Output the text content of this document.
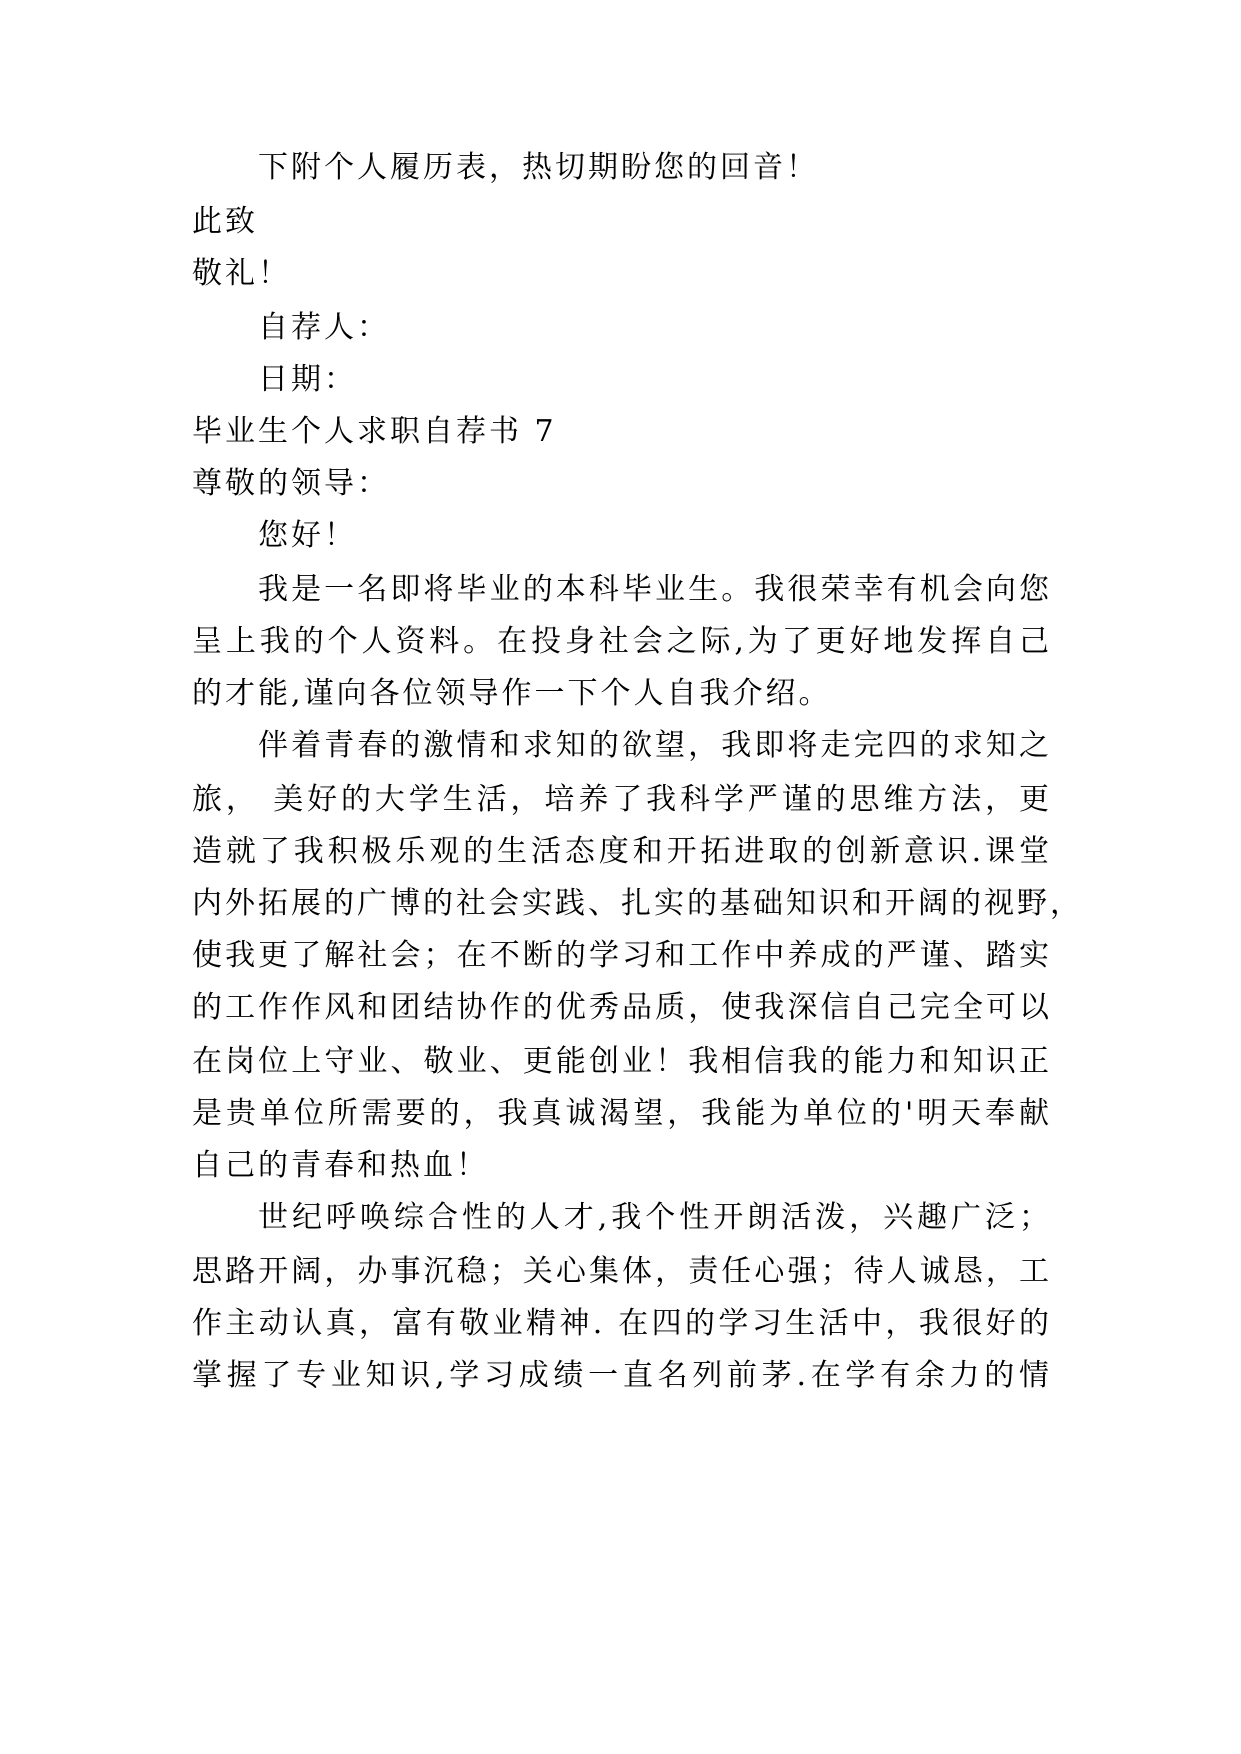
下附个人履历表，热切期盼您的回音！
此致
敬礼！
自荐人：
日期：
毕业生个人求职自荐书 7
尊敬的领导：
您好！
我是一名即将毕业的本科毕业生。我很荣幸有机会向您
呈上我的个人资料。在投身社会之际,为了更好地发挥自己
的才能,谨向各位领导作一下个人自我介绍。
伴着青春的激情和求知的欲望，我即将走完四的求知之
旅， 美好的大学生活，培养了我科学严谨的思维方法，更
造就了我积极乐观的生活态度和开拓进取的创新意识.课堂
内外拓展的广博的社会实践、扎实的基础知识和开阔的视野，
使我更了解社会；在不断的学习和工作中养成的严谨、踏实
的工作作风和团结协作的优秀品质，使我深信自己完全可以
在岗位上守业、敬业、更能创业！我相信我的能力和知识正
是贵单位所需要的，我真诚渴望，我能为单位的'明天奉献
自己的青春和热血！
世纪呼唤综合性的人才,我个性开朗活泼，兴趣广泛；
思路开阔，办事沉稳；关心集体，责任心强；待人诚恳，工
作主动认真，富有敬业精神. 在四的学习生活中，我很好的
掌握了专业知识,学习成绩一直名列前茅.在学有余力的情
